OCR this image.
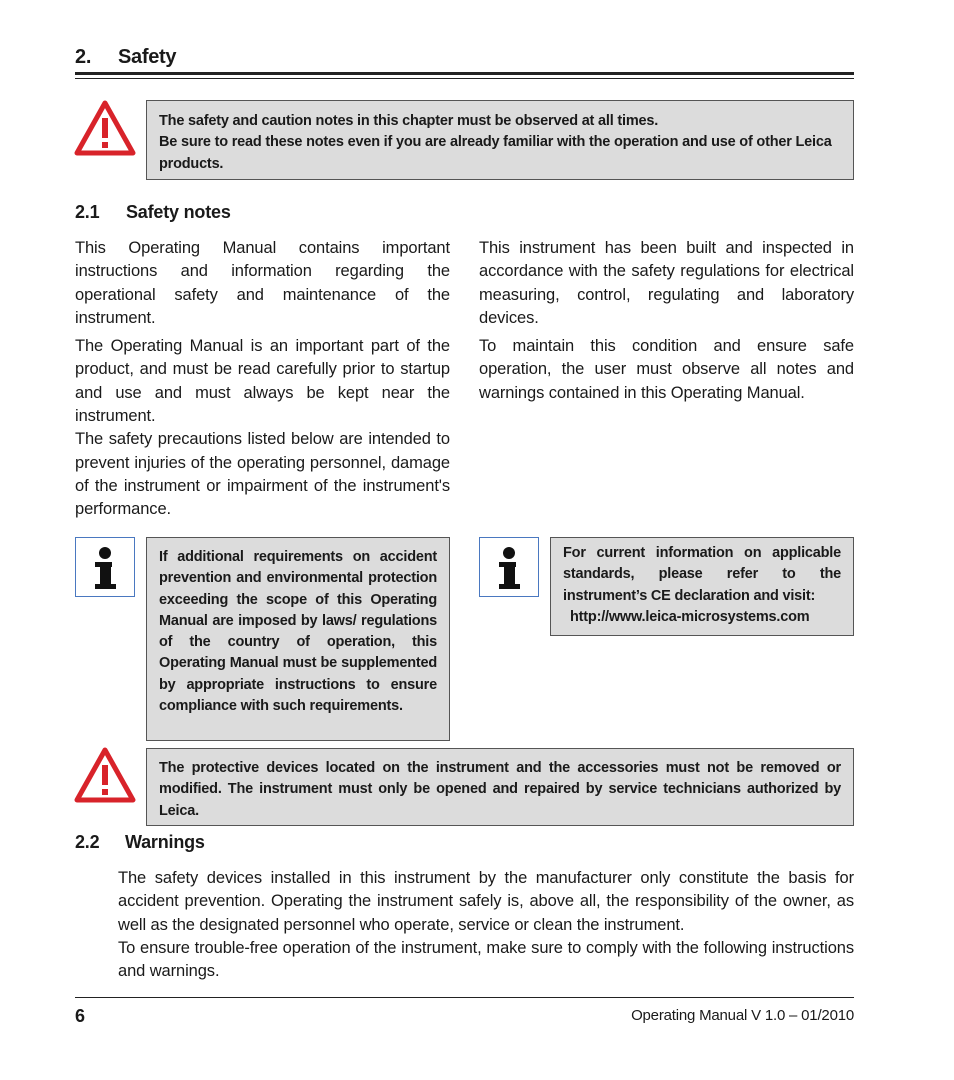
2. Safety

The safety and caution notes in this chapter must be observed at all times.

Be sure to read these notes even if you are already familiar with the operation and use of other Leica products.

2.1 Safety notes

This Operating Manual contains important instructions and information regarding the operational safety and maintenance of the instrument.

The Operating Manual is an important part of the product, and must be read carefully prior to startup and use and must always be kept near the instrument.

The safety precautions listed below are intended to prevent injuries of the operating personnel, damage of the instrument or impairment of the instrument's performance.

This instrument has been built and inspected in accordance with the safety regulations for electrical measuring, control, regulating and laboratory devices.

To maintain this condition and ensure safe operation, the user must observe all notes and warnings contained in this Operating Manual.

If additional requirements on accident prevention and environmental protection exceeding the scope of this Operating Manual are imposed by laws/ regulations of the country of operation, this Operating Manual must be supplemented by appropriate instructions to ensure compliance with such requirements.

For current information on applicable standards, please refer to the instrument’s CE declaration and visit:

http://www.leica-microsystems.com

The protective devices located on the instrument and the accessories must not be removed or modified. The instrument must only be opened and repaired by service technicians authorized by Leica.

2.2 Warnings

The safety devices installed in this instrument by the manufacturer only constitute the basis for accident prevention. Operating the instrument safely is, above all, the responsibility of the owner, as well as the designated personnel who operate, service or clean the instrument.

To ensure trouble-free operation of the instrument, make sure to comply with the following instructions and warnings.

6	Operating Manual V 1.0 – 01/2010
